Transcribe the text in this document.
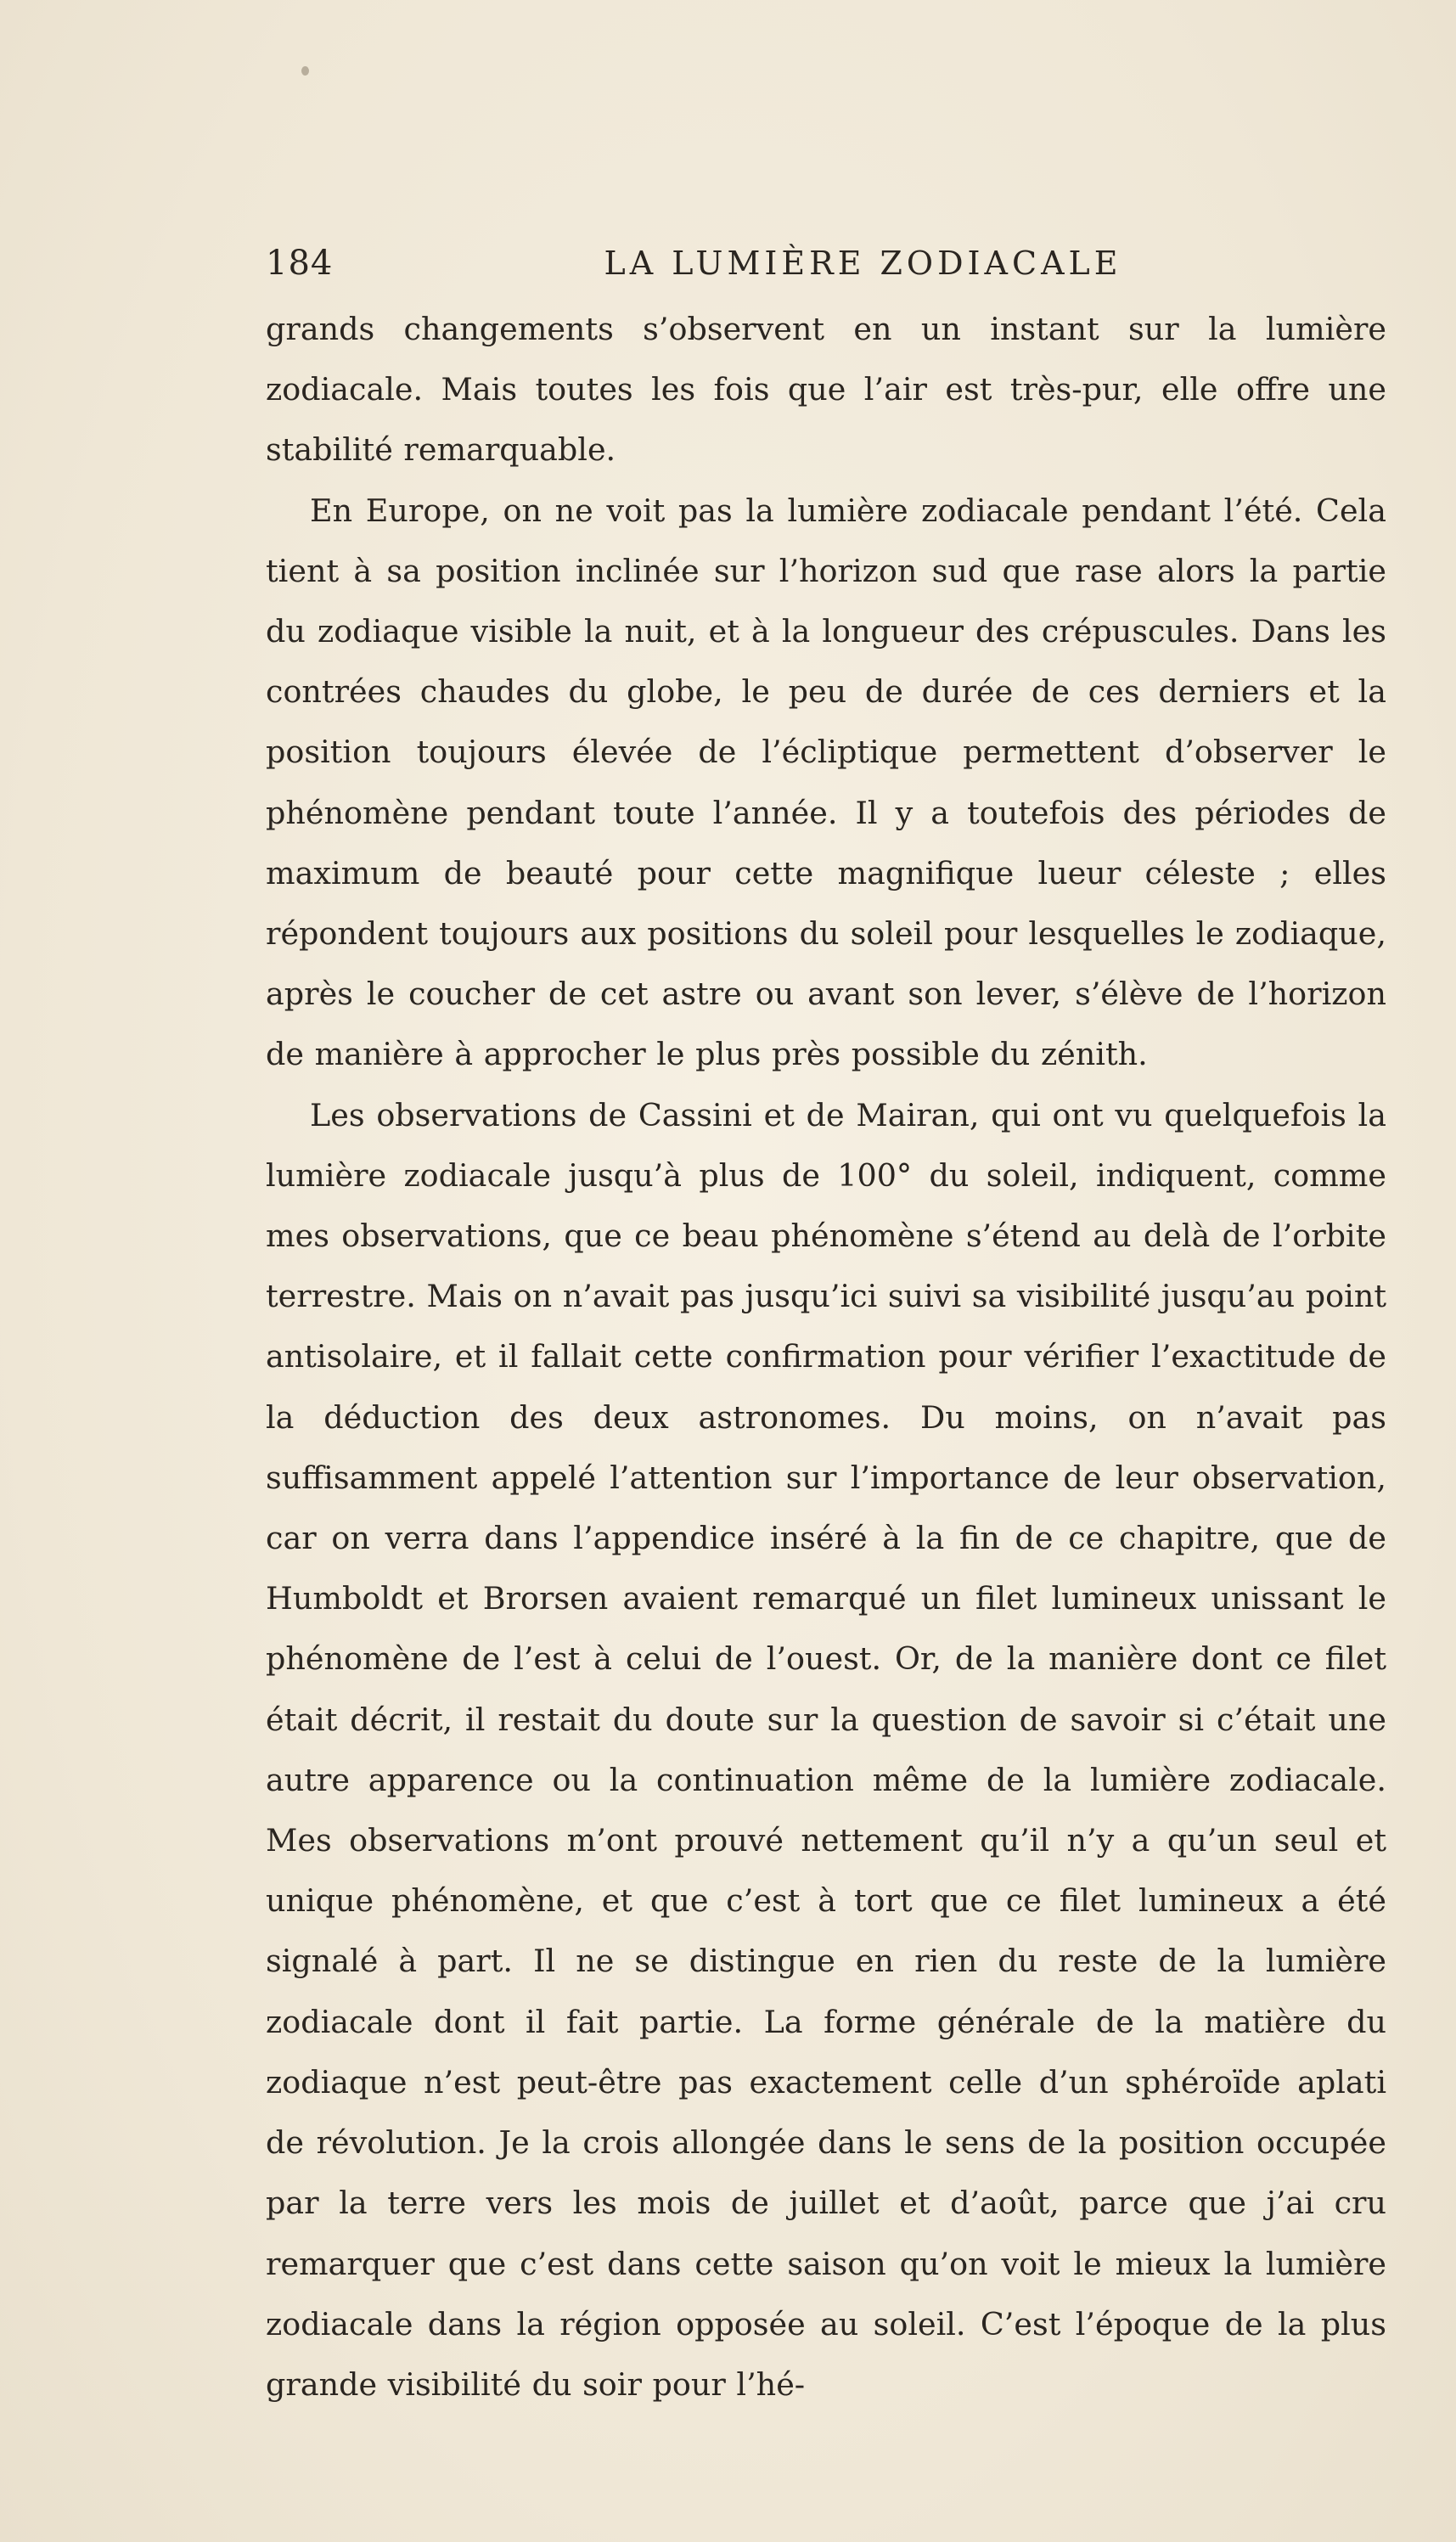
184	LA LUMIÈRE ZODIACALE

grands changements s’observent en un instant sur la lumière zodiacale. Mais toutes les fois que l’air est très-pur, elle offre une stabilité remarquable.

En Europe, on ne voit pas la lumière zodiacale pendant l’été. Cela tient à sa position inclinée sur l’horizon sud que rase alors la partie du zodiaque visible la nuit, et à la longueur des crépuscules. Dans les contrées chaudes du globe, le peu de durée de ces derniers et la position toujours élevée de l’écliptique permettent d’observer le phénomène pendant toute l’année. Il y a toutefois des périodes de maximum de beauté pour cette magnifique lueur céleste ; elles répondent toujours aux positions du soleil pour lesquelles le zodiaque, après le coucher de cet astre ou avant son lever, s’élève de l’horizon de manière à approcher le plus près possible du zénith.

Les observations de Cassini et de Mairan, qui ont vu quelquefois la lumière zodiacale jusqu’à plus de 100° du soleil, indiquent, comme mes observations, que ce beau phénomène s’étend au delà de l’orbite terrestre. Mais on n’avait pas jusqu’ici suivi sa visibilité jusqu’au point antisolaire, et il fallait cette confirmation pour vérifier l’exactitude de la déduction des deux astronomes. Du moins, on n’avait pas suffisamment appelé l’attention sur l’importance de leur observation, car on verra dans l’appendice inséré à la fin de ce chapitre, que de Humboldt et Brorsen avaient remarqué un filet lumineux unissant le phénomène de l’est à celui de l’ouest. Or, de la manière dont ce filet était décrit, il restait du doute sur la question de savoir si c’était une autre apparence ou la continuation même de la lumière zodiacale. Mes observations m’ont prouvé nettement qu’il n’y a qu’un seul et unique phénomène, et que c’est à tort que ce filet lumineux a été signalé à part. Il ne se distingue en rien du reste de la lumière zodiacale dont il fait partie. La forme générale de la matière du zodiaque n’est peut-être pas exactement celle d’un sphéroïde aplati de révolution. Je la crois allongée dans le sens de la position occupée par la terre vers les mois de juillet et d’août, parce que j’ai cru remarquer que c’est dans cette saison qu’on voit le mieux la lumière zodiacale dans la région opposée au soleil. C’est l’époque de la plus grande visibilité du soir pour l’hé-
